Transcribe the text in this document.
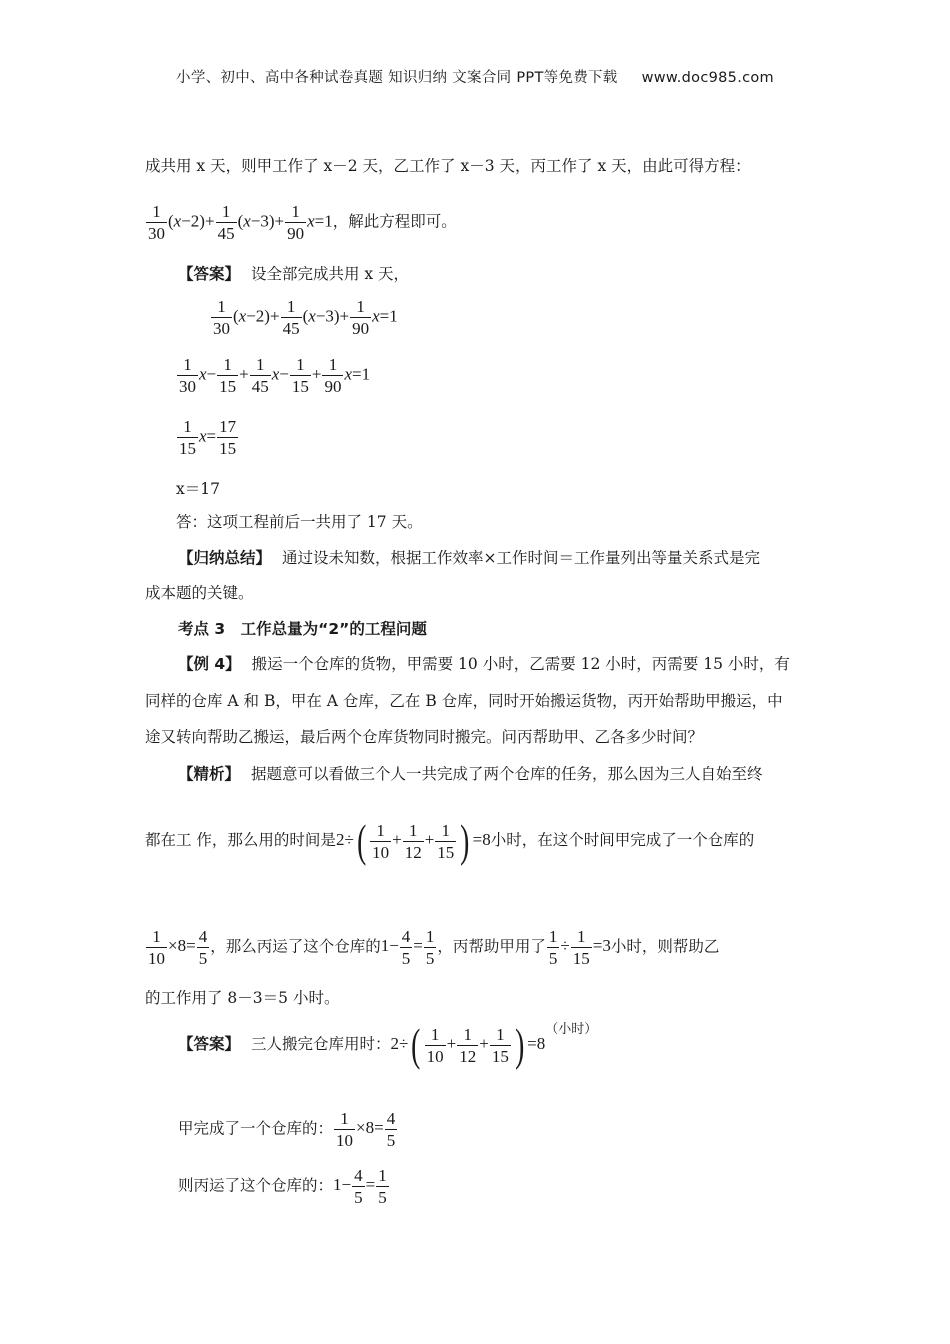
小学、初中、高中各种试卷真题 知识归纳 文案合同 PPT等免费下载 www.doc985.com
成共用 x 天，则甲工作了 x－2 天，乙工作了 x－3 天，丙工作了 x 天，由此可得方程：
$\frac{1}{30} (x-2)+ \frac{1}{45} (x-3)+ \frac{1}{90} x=1$，解此方程即可。
【答案】 设全部完成共用 x 天，
$\frac{1}{30} (x-2)+ \frac{1}{45} (x-3)+ \frac{1}{90} x=1$
$\frac{1}{30} x- \frac{1}{15} + \frac{1}{45} x- \frac{1}{15} + \frac{1}{90} x=1$
$\frac{1}{15} x= \frac{17}{15}$
x＝17
答：这项工程前后一共用了 17 天。
【归纳总结】 通过设未知数，根据工作效率×工作时间＝工作量列出等量关系式是完
成本题的关键。
考点 3　工作总量为“2”的工程问题
【例 4】 搬运一个仓库的货物，甲需要 10 小时，乙需要 12 小时，丙需要 15 小时，有
同样的仓库 A 和 B，甲在 A 仓库，乙在 B 仓库，同时开始搬运货物，丙开始帮助甲搬运，中
途又转向帮助乙搬运，最后两个仓库货物同时搬完。问丙帮助甲、乙各多少时间？
【精析】 据题意可以看做三个人一共完成了两个仓库的任务，那么因为三人自始至终
都在工 作，那么用的时间是$2\div( \frac{1}{10} + \frac{1}{12} + \frac{1}{15}$ ) =8小时，在这个时间甲完成了一个仓库的
$\frac{1}{10} \times 8= \frac{4}{5}$ ，那么丙运了这个仓库的$1- \frac{4}{5} = \frac{1}{5}$ ，丙帮助甲用了 $\frac{1}{5} \div \frac{1}{15} =3$小时，则帮助乙
的工作用了 8－3＝5 小时。
【答案】 三人搬完仓库用时：$2\div( \frac{1}{10} + \frac{1}{12} + \frac{1}{15}$ ) $=8^{(小时)}$
甲完成了一个仓库的： $\frac{1}{10} \times 8= \frac{4}{5}$
则丙运了这个仓库的：$1- \frac{4}{5} = \frac{1}{5}$
